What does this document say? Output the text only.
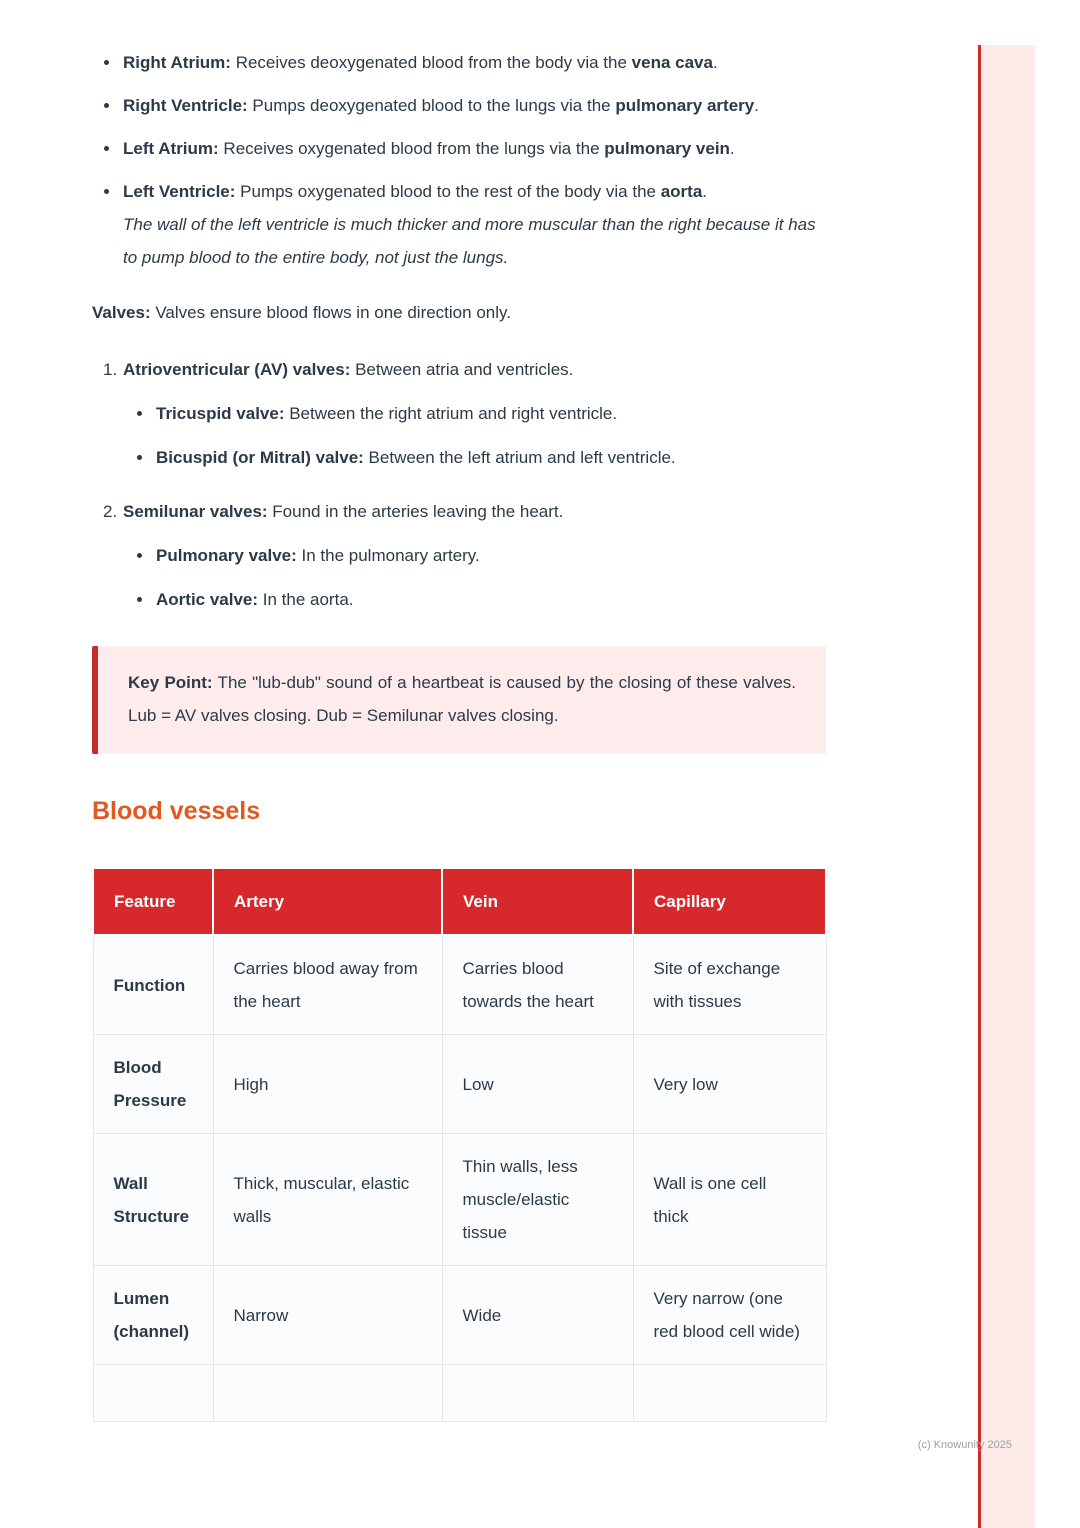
(c) Knowunity 2025
Right Atrium: Receives deoxygenated blood from the body via the vena cava.
Right Ventricle: Pumps deoxygenated blood to the lungs via the pulmonary artery.
Left Atrium: Receives oxygenated blood from the lungs via the pulmonary vein.
Left Ventricle: Pumps oxygenated blood to the rest of the body via the aorta.
The wall of the left ventricle is much thicker and more muscular than the right because it has to pump blood to the entire body, not just the lungs.

Valves: Valves ensure blood flows in one direction only.

1. Atrioventricular (AV) valves: Between atria and ventricles.
Tricuspid valve: Between the right atrium and right ventricle.
Bicuspid (or Mitral) valve: Between the left atrium and left ventricle.
2. Semilunar valves: Found in the arteries leaving the heart.
Pulmonary valve: In the pulmonary artery.
Aortic valve: In the aorta.

Key Point: The "lub-dub" sound of a heartbeat is caused by the closing of these valves. Lub = AV valves closing. Dub = Semilunar valves closing.

Blood vessels
Feature	Artery	Vein	Capillary
Function	Carries blood away from the heart	Carries blood towards the heart	Site of exchange with tissues
Blood Pressure	High	Low	Very low
Wall Structure	Thick, muscular, elastic walls	Thin walls, less muscle/elastic tissue	Wall is one cell thick
Lumen (channel)	Narrow	Wide	Very narrow (one red blood cell wide)
